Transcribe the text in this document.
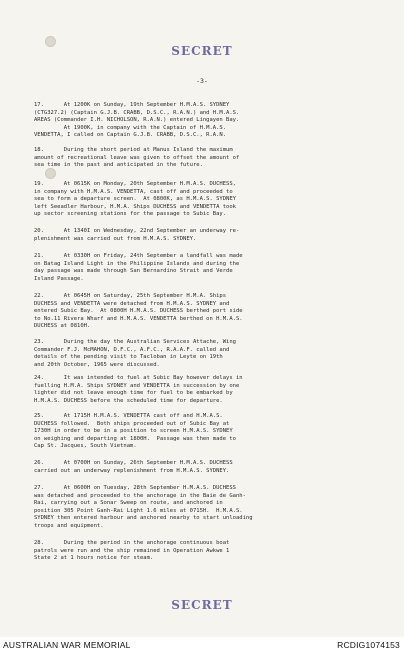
SECRET
-3-
17.      At 1200K on Sunday, 19th September H.M.A.S. SYDNEY
(CTG327.2) (Captain G.J.B. CRABB, D.S.C., R.A.N.) and H.M.A.S.
AREAS (Commander I.H. NICHOLSON, R.A.N.) entered Lingayen Bay.
At 1900K, in company with the Captain of H.M.A.S.
VENDETTA, I called on Captain G.J.B. CRABB, D.S.C., R.A.N.
18.      During the short period at Manus Island the maximum
amount of recreational leave was given to offset the amount of
sea time in the past and anticipated in the future.
19.      At 0615K on Monday, 20th September H.M.A.S. DUCHESS,
in company with H.M.A.S. VENDETTA, cast off and proceeded to
sea to form a departure screen.  At 0800K, as H.M.A.S. SYDNEY
left Seeadler Harbour, H.M.A. Ships DUCHESS and VENDETTA took
up sector screening stations for the passage to Subic Bay.
20.      At 1340I on Wednesday, 22nd September an underway re-
plenishment was carried out from H.M.A.S. SYDNEY.
21.      At 0330H on Friday, 24th September a landfall was made
on Batag Island Light in the Philippine Islands and during the
day passage was made through San Bernardino Strait and Verde
Island Passage.
22.      At 0645H on Saturday, 25th September H.M.A. Ships
DUCHESS and VENDETTA were detached from H.M.A.S. SYDNEY and
entered Subic Bay.  At 0800H H.M.A.S. DUCHESS berthed port side
to No.11 Rivera Wharf and H.M.A.S. VENDETTA berthed on H.M.A.S.
DUCHESS at 0810H.
23.      During the day the Australian Services Attache, Wing
Commander F.J. McMAHON, D.F.C., A.F.C., R.A.A.F. called and
details of the pending visit to Tacloban in Leyte on 19th
and 20th October, 1965 were discussed.
24.      It was intended to fuel at Subic Bay however delays in
fuelling H.M.A. Ships SYDNEY and VENDETTA in succession by one
lighter did not leave enough time for fuel to be embarked by
H.M.A.S. DUCHESS before the scheduled time for departure.
25.      At 1715H H.M.A.S. VENDETTA cast off and H.M.A.S.
DUCHESS followed.  Both ships proceeded out of Subic Bay at
1730H in order to be in a position to screen H.M.A.S. SYDNEY
on weighing and departing at 1800H.  Passage was then made to
Cap St. Jacques, South Vietnam.
26.      At 0700H on Sunday, 26th September H.M.A.S. DUCHESS
carried out an underway replenishment from H.M.A.S. SYDNEY.
27.      At 0600H on Tuesday, 28th September H.M.A.S. DUCHESS
was detached and proceeded to the anchorage in the Baie de Ganh-
Rai, carrying out a Sonar Sweep on route, and anchored in
position 305 Point Ganh-Rai Light 1.6 miles at 0715H.  H.M.A.S.
SYDNEY then entered harbour and anchored nearby to start unloading
troops and equipment.
28.      During the period in the anchorage continuous boat
patrols were run and the ship remained in Operation Awkwe 1
State 2 at 1 hours notice for steam.
SECRET
AUSTRALIAN WAR MEMORIAL	RCDIG1074153
